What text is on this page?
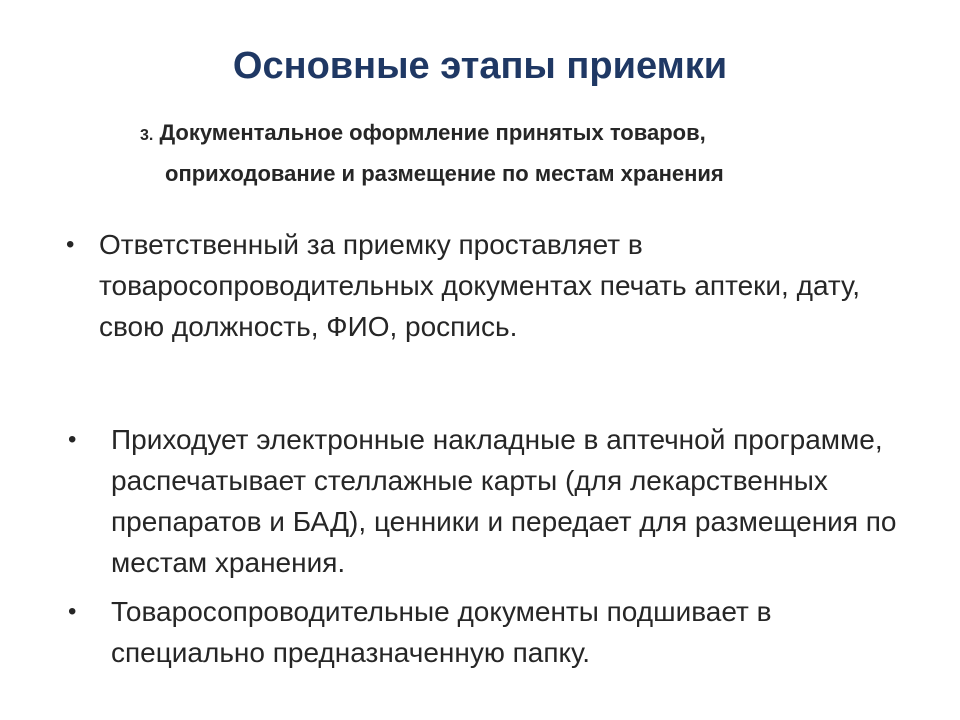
Основные этапы приемки
3. Документальное оформление принятых товаров,
оприходование и размещение по местам хранения
• Ответственный за приемку проставляет в товаросопроводительных документах печать аптеки, дату, свою должность, ФИО, роспись.
• Приходует электронные накладные в аптечной программе, распечатывает стеллажные карты (для лекарственных препаратов и БАД), ценники и передает для размещения по местам хранения.
• Товаросопроводительные документы подшивает в специально предназначенную папку.
